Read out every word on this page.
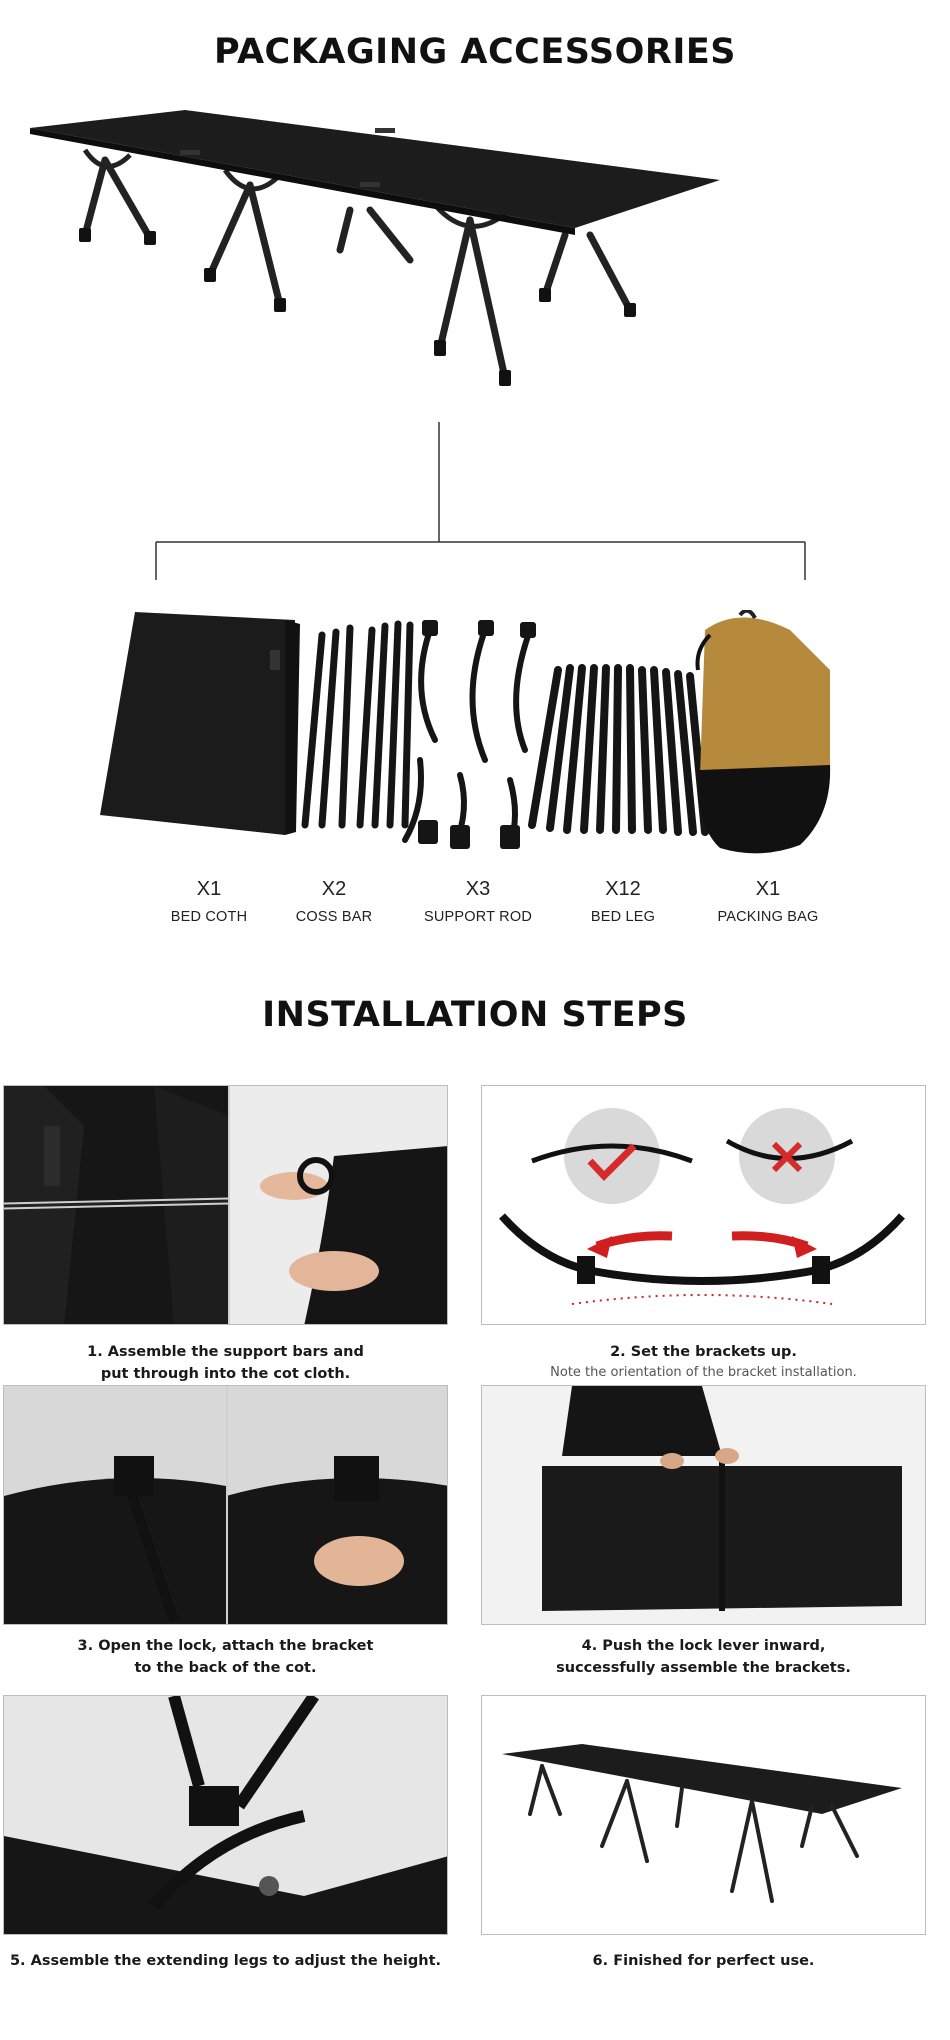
PACKAGING ACCESSORIES
X1
BED COTH
X2
COSS BAR
X3
SUPPORT ROD
X12
BED LEG
X1
PACKING BAG
INSTALLATION STEPS
1. Assemble the support bars and
put through into the cot cloth.
2. Set the brackets up.
Note the orientation of the bracket installation.
3. Open the lock, attach the bracket
to the back of the cot.
4. Push the lock lever inward,
successfully assemble the brackets.
5. Assemble the extending legs to adjust the height.	6. Finished for perfect use.
